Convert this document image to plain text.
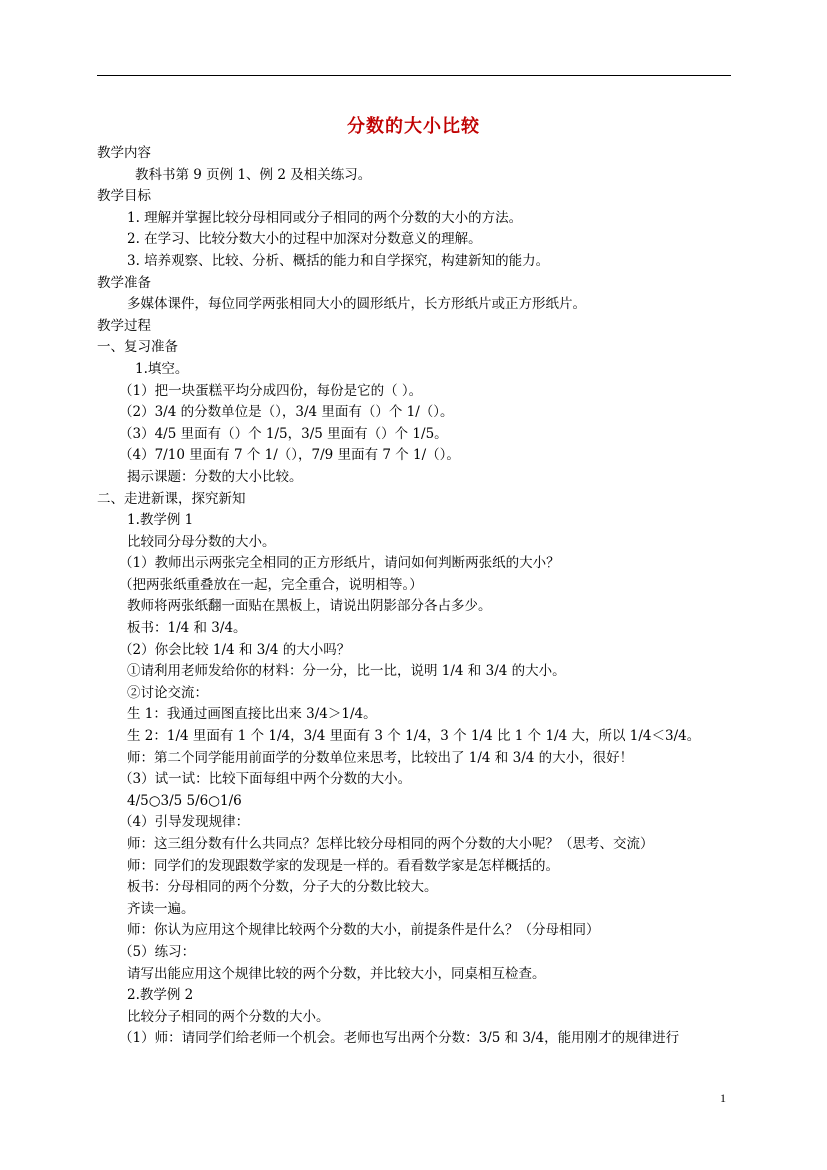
分数的大小比较
教学内容
教科书第 9 页例 1、例 2 及相关练习。
教学目标
1. 理解并掌握比较分母相同或分子相同的两个分数的大小的方法。
2. 在学习、比较分数大小的过程中加深对分数意义的理解。
3. 培养观察、比较、分析、概括的能力和自学探究，构建新知的能力。
教学准备
多媒体课件，每位同学两张相同大小的圆形纸片，长方形纸片或正方形纸片。
教学过程
一、复习准备
1.填空。
（1）把一块蛋糕平均分成四份，每份是它的（ ）。
（2）3/4 的分数单位是（），3/4 里面有（）个 1/（）。
（3）4/5 里面有（）个 1/5，3/5 里面有（）个 1/5。
（4）7/10 里面有 7 个 1/（），7/9 里面有 7 个 1/（）。
揭示课题：分数的大小比较。
二、走进新课，探究新知
1.教学例 1
比较同分母分数的大小。
（1）教师出示两张完全相同的正方形纸片，请问如何判断两张纸的大小？
（把两张纸重叠放在一起，完全重合，说明相等。）
教师将两张纸翻一面贴在黑板上，请说出阴影部分各占多少。
板书：1/4 和 3/4。
（2）你会比较 1/4 和 3/4 的大小吗？
①请利用老师发给你的材料：分一分，比一比，说明 1/4 和 3/4 的大小。
②讨论交流：
生 1：我通过画图直接比出来 3/4＞1/4。
生 2：1/4 里面有 1 个 1/4，3/4 里面有 3 个 1/4，3 个 1/4 比 1 个 1/4 大，所以 1/4＜3/4。
师：第二个同学能用前面学的分数单位来思考，比较出了 1/4 和 3/4 的大小，很好！
（3）试一试：比较下面每组中两个分数的大小。
4/5○3/5 5/6○1/6
（4）引导发现规律：
师：这三组分数有什么共同点？怎样比较分母相同的两个分数的大小呢？（思考、交流）
师：同学们的发现跟数学家的发现是一样的。看看数学家是怎样概括的。
板书：分母相同的两个分数，分子大的分数比较大。
齐读一遍。
师：你认为应用这个规律比较两个分数的大小，前提条件是什么？（分母相同）
（5）练习：
请写出能应用这个规律比较的两个分数，并比较大小，同桌相互检查。
2.教学例 2
比较分子相同的两个分数的大小。
（1）师：请同学们给老师一个机会。老师也写出两个分数：3/5 和 3/4，能用刚才的规律进行
1
